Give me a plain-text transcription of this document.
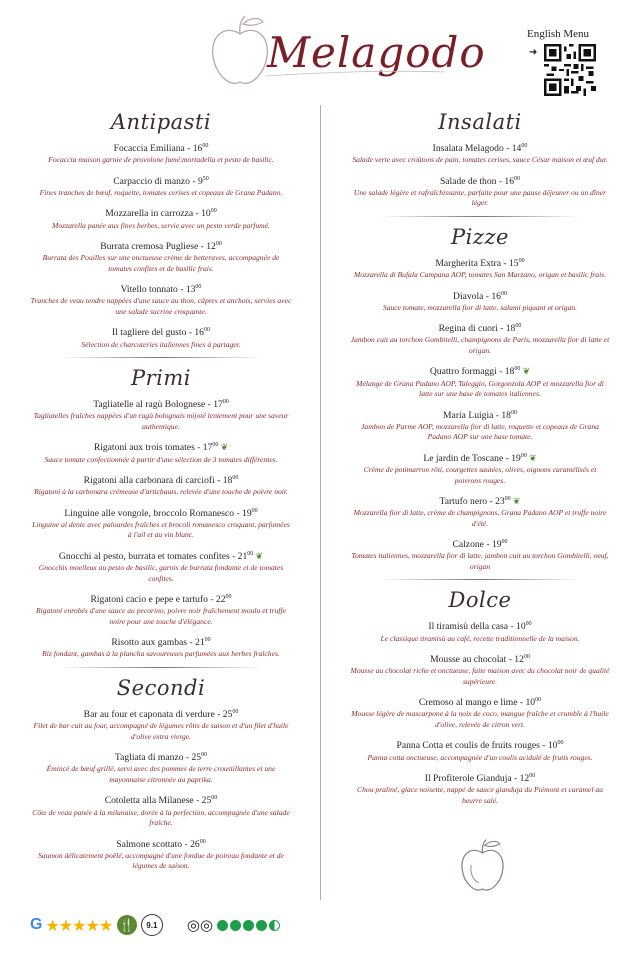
Melagodo	English Menu
➜
Antipasti
Focaccia Emiliana - $16^{00}$
Focaccia maison garnie de provolone fumé,mortadella et pesto de basilic.
Carpaccio di manzo - $9^{50}$
Fines tranches de bœuf, roquette, tomates cerises et copeaux de Grana Padano.
Mozzarella in carrozza - $10^{00}$
Mozzarella panée aux fines herbes, servie avec un pesto verde parfumé.
Burrata cremosa Pugliese - $12^{00}$
Burrata des Pouilles sur une onctueuse crème de betteraves, accompagnée de tomates confites et de basilic frais.
Vitello tonnato - $13^{00}$
Tranches de veau tendre nappées d'une sauce au thon, câpres et anchois, servies avec une salade sucrine croquante.
Il tagliere del gusto - $16^{00}$
Sélection de charcuteries italiennes fines à partager.
Primi
Tagliatelle al ragù Bolognese - $17^{00}$
Tagliatelles fraîches nappées d'un ragù bolognais mijoté lentement pour une saveur authentique.
Rigatoni aux trois tomates - $17^{00}$ ❦
Sauce tomate confectionnée à partir d'une sélection de 3 tomates différentes.
Rigatoni alla carbonara di carciofi - $18^{00}$
Rigatoni à la carbonara crémeuse d'artichauts, relevée d'une touche de poivre noir.
Linguine alle vongole, broccolo Romanesco - $19^{00}$
Linguine al dente avec palourdes fraîches et brocoli romanesco croquant, parfumées à l'ail et au vin blanc.
Gnocchi al pesto, burrata et tomates confites - $21^{00}$ ❦
Gnocchis moelleux au pesto de basilic, garnis de burrata fondante et de tomates confites.
Rigatoni cacio e pepe e tartufo - $22^{00}$
Rigatoni enrobés d'une sauce au pecorino, poivre noir fraîchement moulu et truffe noire pour une touche d'élégance.
Risotto aux gambas - $21^{00}$
Riz fondant, gambas à la plancha savoureuses parfumées aux herbes fraîches.
Secondi
Bar au four et caponata di verdure - $25^{00}$
Filet de bar cuit au four, accompagné de légumes rôtis de saison et d'un filet d'huile d'olive extra vierge.
Tagliata di manzo - $25^{00}$
Émincé de bœuf grillé, servi avec des pommes de terre croustillantes et une mayonnaise citronnée au paprika.
Cotoletta alla Milanese - $25^{00}$
Côte de veau panée à la milanaise, dorée à la perfection, accompagnée d'une salade fraîche.
Salmone scottato - $26^{00}$
Saumon délicatement poêlé, accompagné d'une fondue de poireau fondante et de légumes de saison.
Insalati
Insalata Melagodo - $14^{00}$
Salade verte avec croûtons de pain, tomates cerises, sauce César maison et œuf dur.
Salade de thon - $16^{00}$
Une salade légère et rafraîchissante, parfaite pour une pause déjeuner ou un dîner léger.
Pizze
Margherita Extra - $15^{00}$
Mozzarella di Bufala Campana AOP, tomates San Marzano, origan et basilic frais.
Diavola - $16^{00}$
Sauce tomate, mozzarella fior di latte, salami piquant et origan.
Regina di cuori - $18^{00}$
Jambon cuit au torchon Gombitelli, champignons de Paris, mozzarella fior di latte et origan.
Quattro formaggi - $18^{00}$ ❦
Mélange de Grana Padano AOP, Taleggio, Gorgonzola AOP et mozzarella fior di latte sur une base de tomates italiennes.
Maria Luigia - $18^{00}$
Jambon de Parme AOP, mozzarella fior di latte, roquette et copeaux de Grana Padano AOP sur une base tomate.
Le jardin de Toscane - $19^{00}$ ❦
Crème de potimarron rôti, courgettes sautées, olives, oignons caramélisés et poivrons rouges.
Tartufo nero - $23^{00}$ ❦
Mozzarella fior di latte, crème de champignons, Grana Padano AOP et truffe noire d'été.
Calzone - $19^{00}$
Tomates italiennes, mozzarella fior di latte, jambon cuit au torchon Gombitelli, oeuf, origan
Dolce
Il tiramisù della casa - $10^{00}$
Le classique tiramisù au café, recette traditionnelle de la maison.
Mousse au chocolat - $12^{00}$
Mousse au chocolat riche et onctueuse, faite maison avec du chocolat noir de qualité supérieure.
Cremoso al mango e lime - $10^{00}$
Mousse légère de mascarpone à la noix de coco, mangue fraîche et crumble à l'huile d'olive, relevée de citron vert.
Panna Cotta et coulis de fruits rouges - $10^{00}$
Panna cotta onctueuse, accompagnée d'un coulis acidulé de fruits rouges.
Il Profiterole Gianduja - $12^{00}$
Chou praliné, glace noisette, nappé de sauce gianduja du Piémont et caramel au beurre salé.
G ★★★★★ 🍴	9.1	◎◎
